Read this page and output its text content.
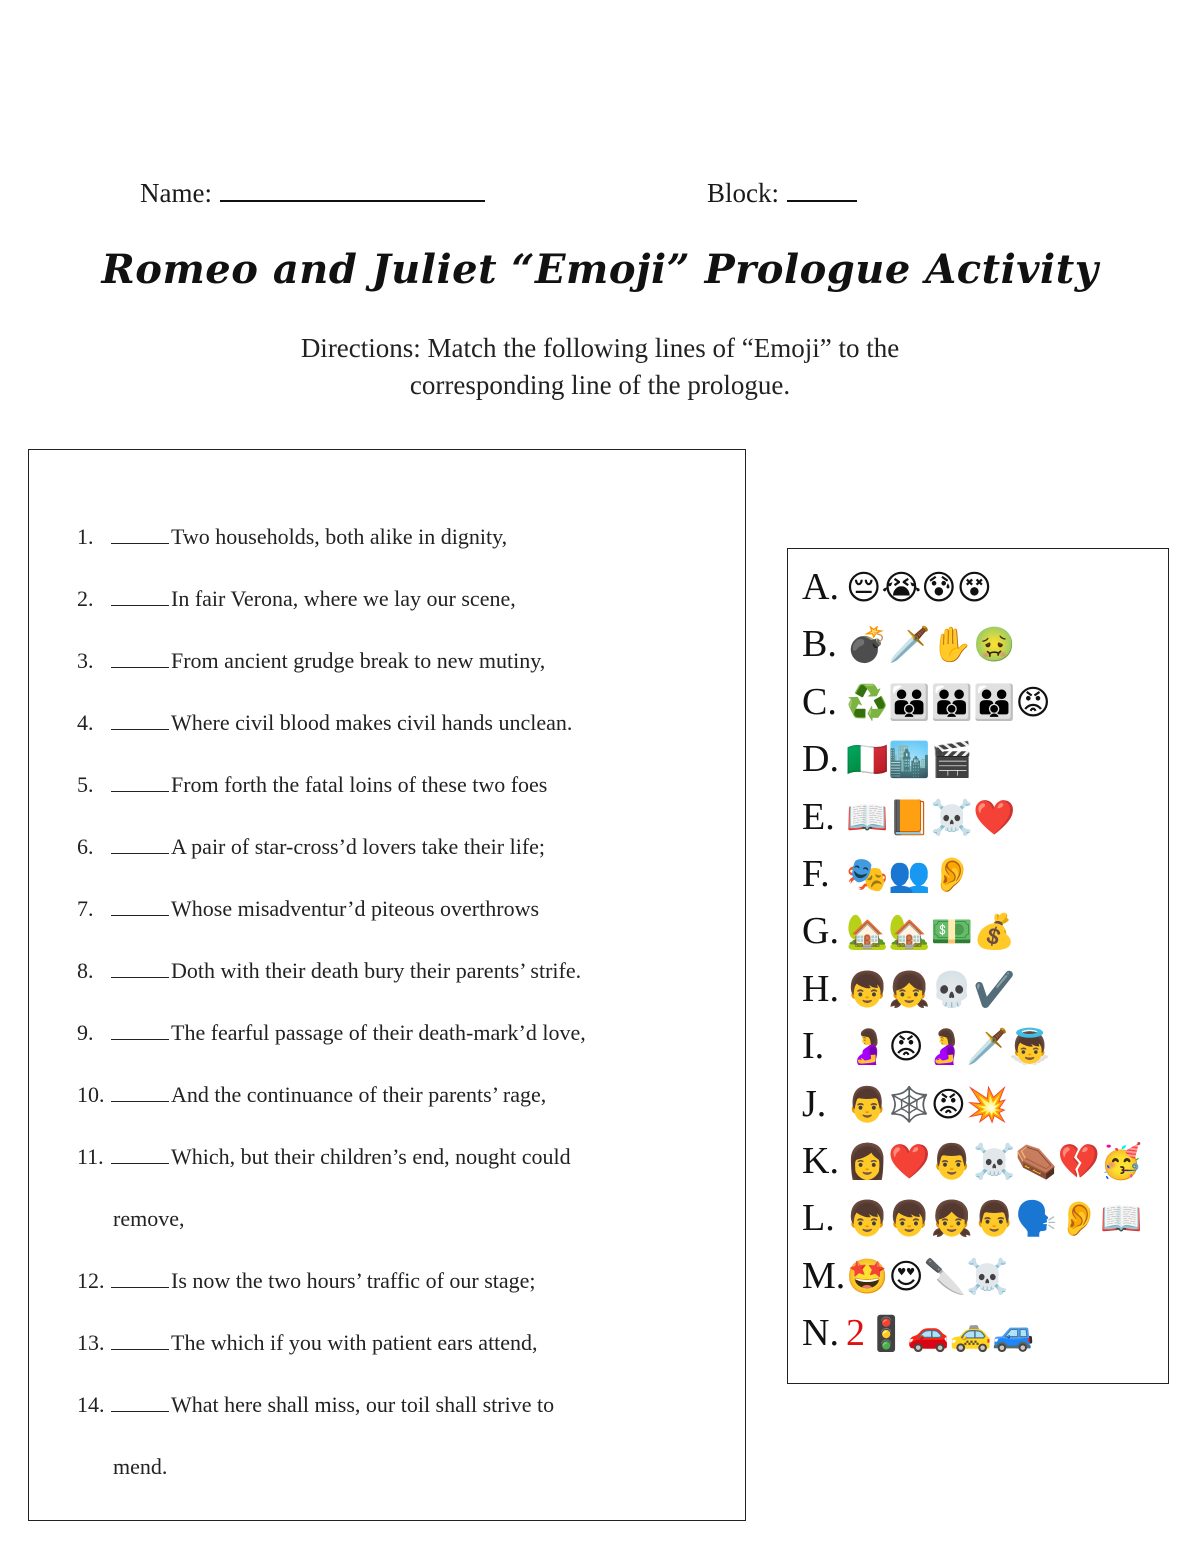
Name:	Block:
Romeo and Juliet “Emoji” Prologue Activity
Directions: Match the following lines of “Emoji” to the
corresponding line of the prologue.
1.	Two households, both alike in dignity,
2.	In fair Verona, where we lay our scene,
3.	From ancient grudge break to new mutiny,
4.	Where civil blood makes civil hands unclean.
5.	From forth the fatal loins of these two foes
6.	A pair of star-cross’d lovers take their life;
7.	Whose misadventur’d piteous overthrows
8.	Doth with their death bury their parents’ strife.
9.	The fearful passage of their death-mark’d love,
10.	And the continuance of their parents’ rage,
11.	Which, but their children’s end, nought could
remove,
12.	Is now the two hours’ traffic of our stage;
13.	The which if you with patient ears attend,
14.	What here shall miss, our toil shall strive to
mend.
A. 😔😭😰😵
B. 💣🗡️✋🤢
C. ♻️👪👪👪😡
D. 🇮🇹🏙️🎬
E. 📖📙☠️❤️
F. 🎭👥👂
G. 🏡🏡💵💰
H. 👦👧💀✔️
I. 🤰😡🤰🗡️👼
J. 👨🕸️😡💥
K. 👩❤️👨☠️⚰️💔🥳
L. 👦👦👧👨🗣️👂📖
M.🤩😍🔪☠️
N. 2🚦🚗🚕🚙
